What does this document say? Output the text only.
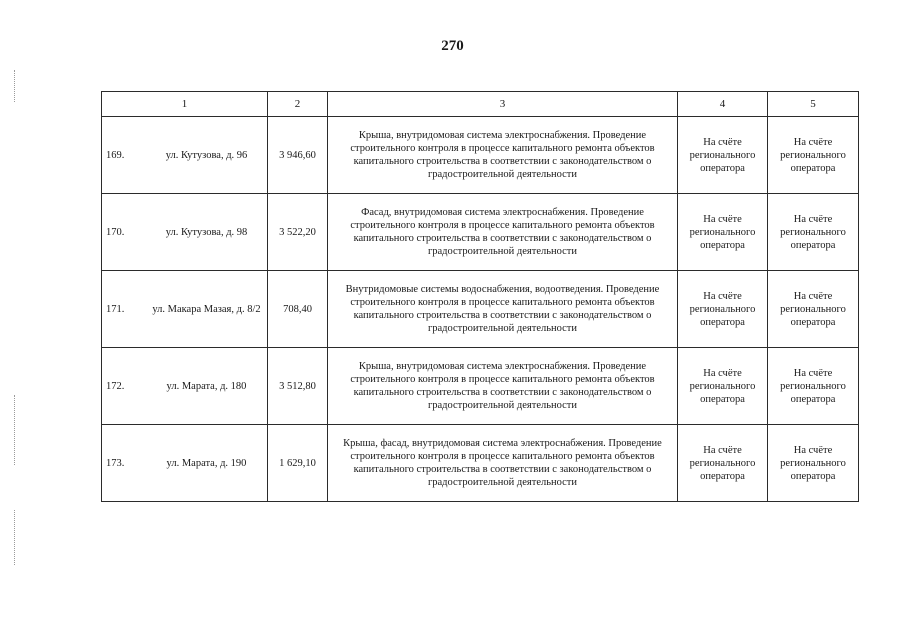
270
1	2	3	4	5

169. ул. Кутузова, д. 96	3 946,60	Крыша, внутридомовая система электроснабжения. Проведение строительного контроля в процессе капитального ремонта объектов капитального строительства в соответствии с законодательством о градостроительной деятельности	На счёте регионального оператора	На счёте регионального оператора

170. ул. Кутузова, д. 98	3 522,20	Фасад, внутридомовая система электроснабжения. Проведение строительного контроля в процессе капитального ремонта объектов капитального строительства в соответствии с законодательством о градостроительной деятельности	На счёте регионального оператора	На счёте регионального оператора

171. ул. Макара Мазая, д. 8/2	708,40	Внутридомовые системы водоснабжения, водоотведения. Проведение строительного контроля в процессе капитального ремонта объектов капитального строительства в соответствии с законодательством о градостроительной деятельности	На счёте регионального оператора	На счёте регионального оператора

172. ул. Марата, д. 180	3 512,80	Крыша, внутридомовая система электроснабжения. Проведение строительного контроля в процессе капитального ремонта объектов капитального строительства в соответствии с законодательством о градостроительной деятельности	На счёте регионального оператора	На счёте регионального оператора

173. ул. Марата, д. 190	1 629,10	Крыша, фасад, внутридомовая система электроснабжения. Проведение строительного контроля в процессе капитального ремонта объектов капитального строительства в соответствии с законодательством о градостроительной деятельности	На счёте регионального оператора	На счёте регионального оператора
